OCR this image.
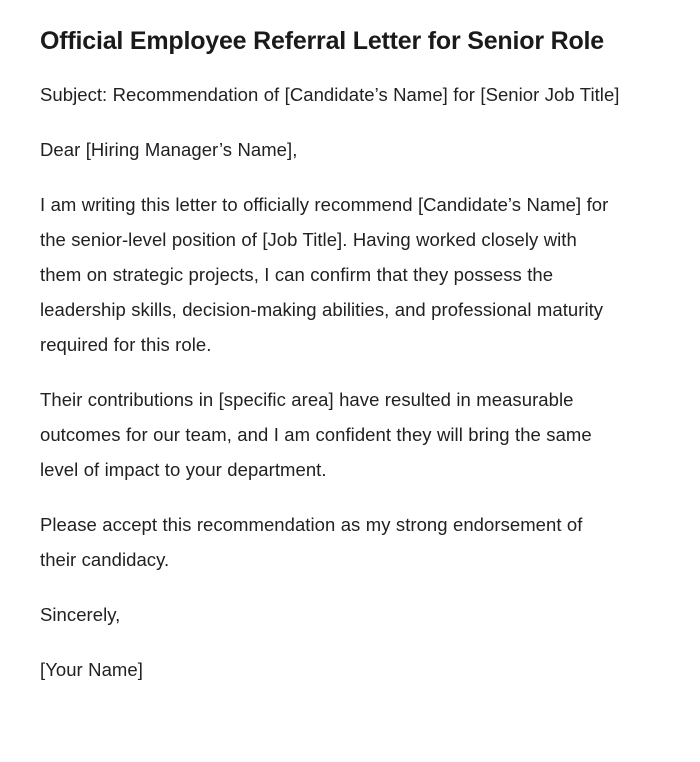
Official Employee Referral Letter for Senior Role

Subject: Recommendation of [Candidate’s Name] for [Senior Job Title]

Dear [Hiring Manager’s Name],

I am writing this letter to officially recommend [Candidate’s Name] for the senior-level position of [Job Title]. Having worked closely with them on strategic projects, I can confirm that they possess the leadership skills, decision-making abilities, and professional maturity required for this role.

Their contributions in [specific area] have resulted in measurable outcomes for our team, and I am confident they will bring the same level of impact to your department.

Please accept this recommendation as my strong endorsement of their candidacy.

Sincerely,

[Your Name]
